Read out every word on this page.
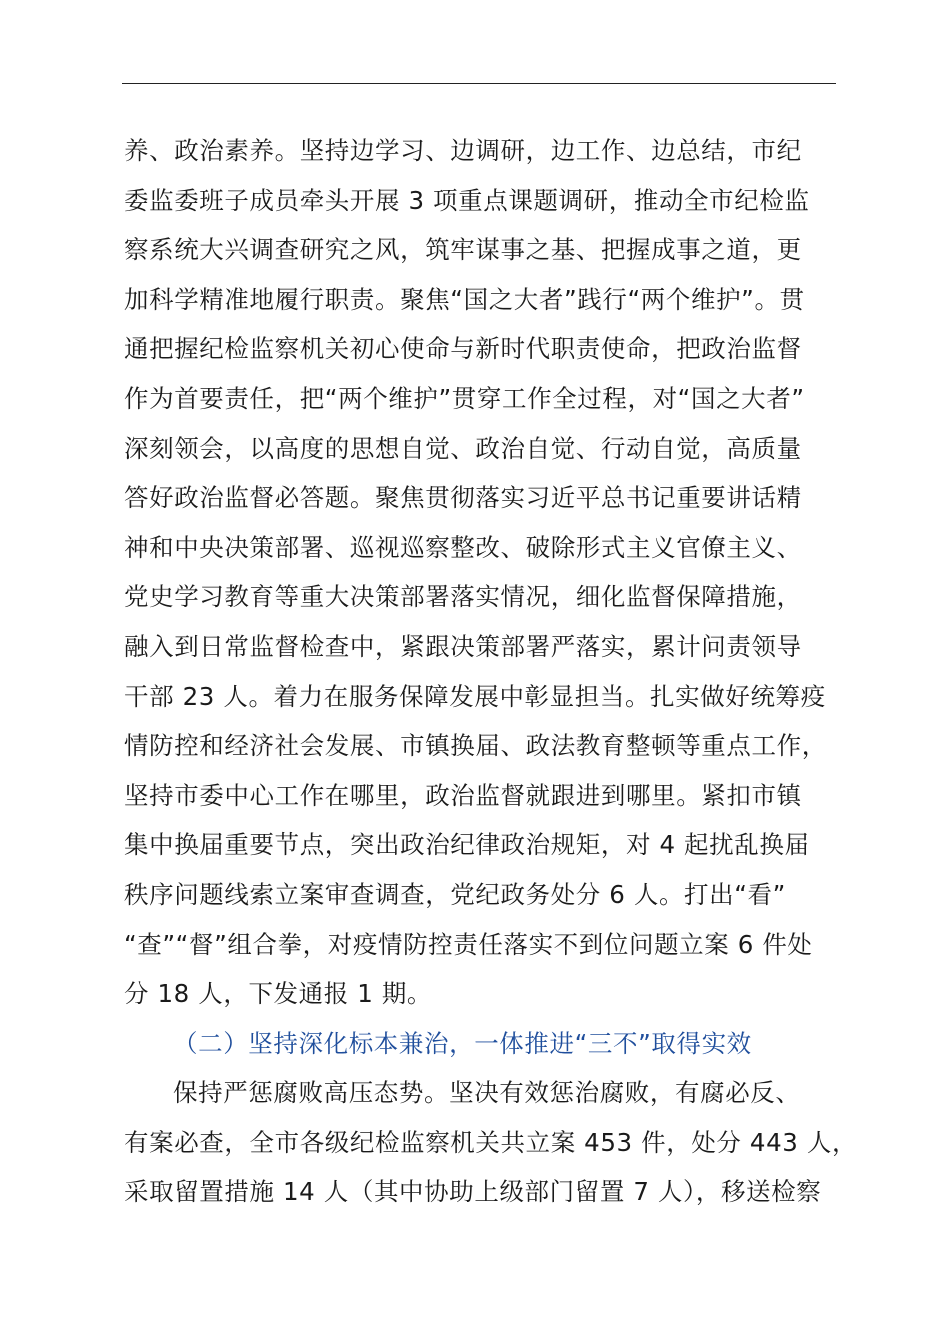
养、政治素养。坚持边学习、边调研，边工作、边总结，市纪
委监委班子成员牵头开展 3 项重点课题调研，推动全市纪检监
察系统大兴调查研究之风，筑牢谋事之基、把握成事之道，更
加科学精准地履行职责。聚焦“国之大者”践行“两个维护”。贯
通把握纪检监察机关初心使命与新时代职责使命，把政治监督
作为首要责任，把“两个维护”贯穿工作全过程，对“国之大者”
深刻领会，以高度的思想自觉、政治自觉、行动自觉，高质量
答好政治监督必答题。聚焦贯彻落实习近平总书记重要讲话精
神和中央决策部署、巡视巡察整改、破除形式主义官僚主义、
党史学习教育等重大决策部署落实情况，细化监督保障措施，
融入到日常监督检查中，紧跟决策部署严落实，累计问责领导
干部 23 人。着力在服务保障发展中彰显担当。扎实做好统筹疫
情防控和经济社会发展、市镇换届、政法教育整顿等重点工作，
坚持市委中心工作在哪里，政治监督就跟进到哪里。紧扣市镇
集中换届重要节点，突出政治纪律政治规矩，对 4 起扰乱换届
秩序问题线索立案审查调查，党纪政务处分 6 人。打出“看”
“查”“督”组合拳，对疫情防控责任落实不到位问题立案 6 件处
分 18 人，下发通报 1 期。
（二）坚持深化标本兼治，一体推进“三不”取得实效
保持严惩腐败高压态势。坚决有效惩治腐败，有腐必反、
有案必查，全市各级纪检监察机关共立案 453 件，处分 443 人，
采取留置措施 14 人（其中协助上级部门留置 7 人），移送检察
